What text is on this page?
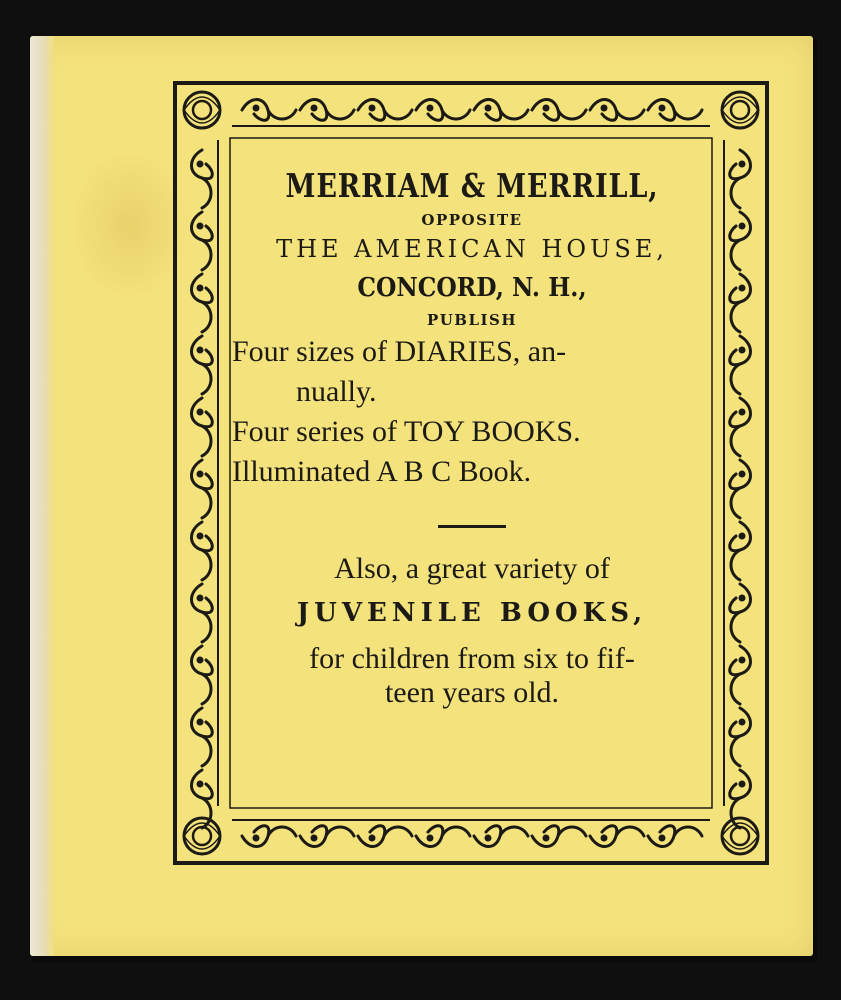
MERRIAM & MERRILL,
OPPOSITE
THE AMERICAN HOUSE,
CONCORD, N. H.,
PUBLISH
Four sizes of DIARIES, an-
nually.
Four series of TOY BOOKS.
Illuminated A B C Book.
Also, a great variety of
JUVENILE BOOKS,
for children from six to fif-
teen years old.
